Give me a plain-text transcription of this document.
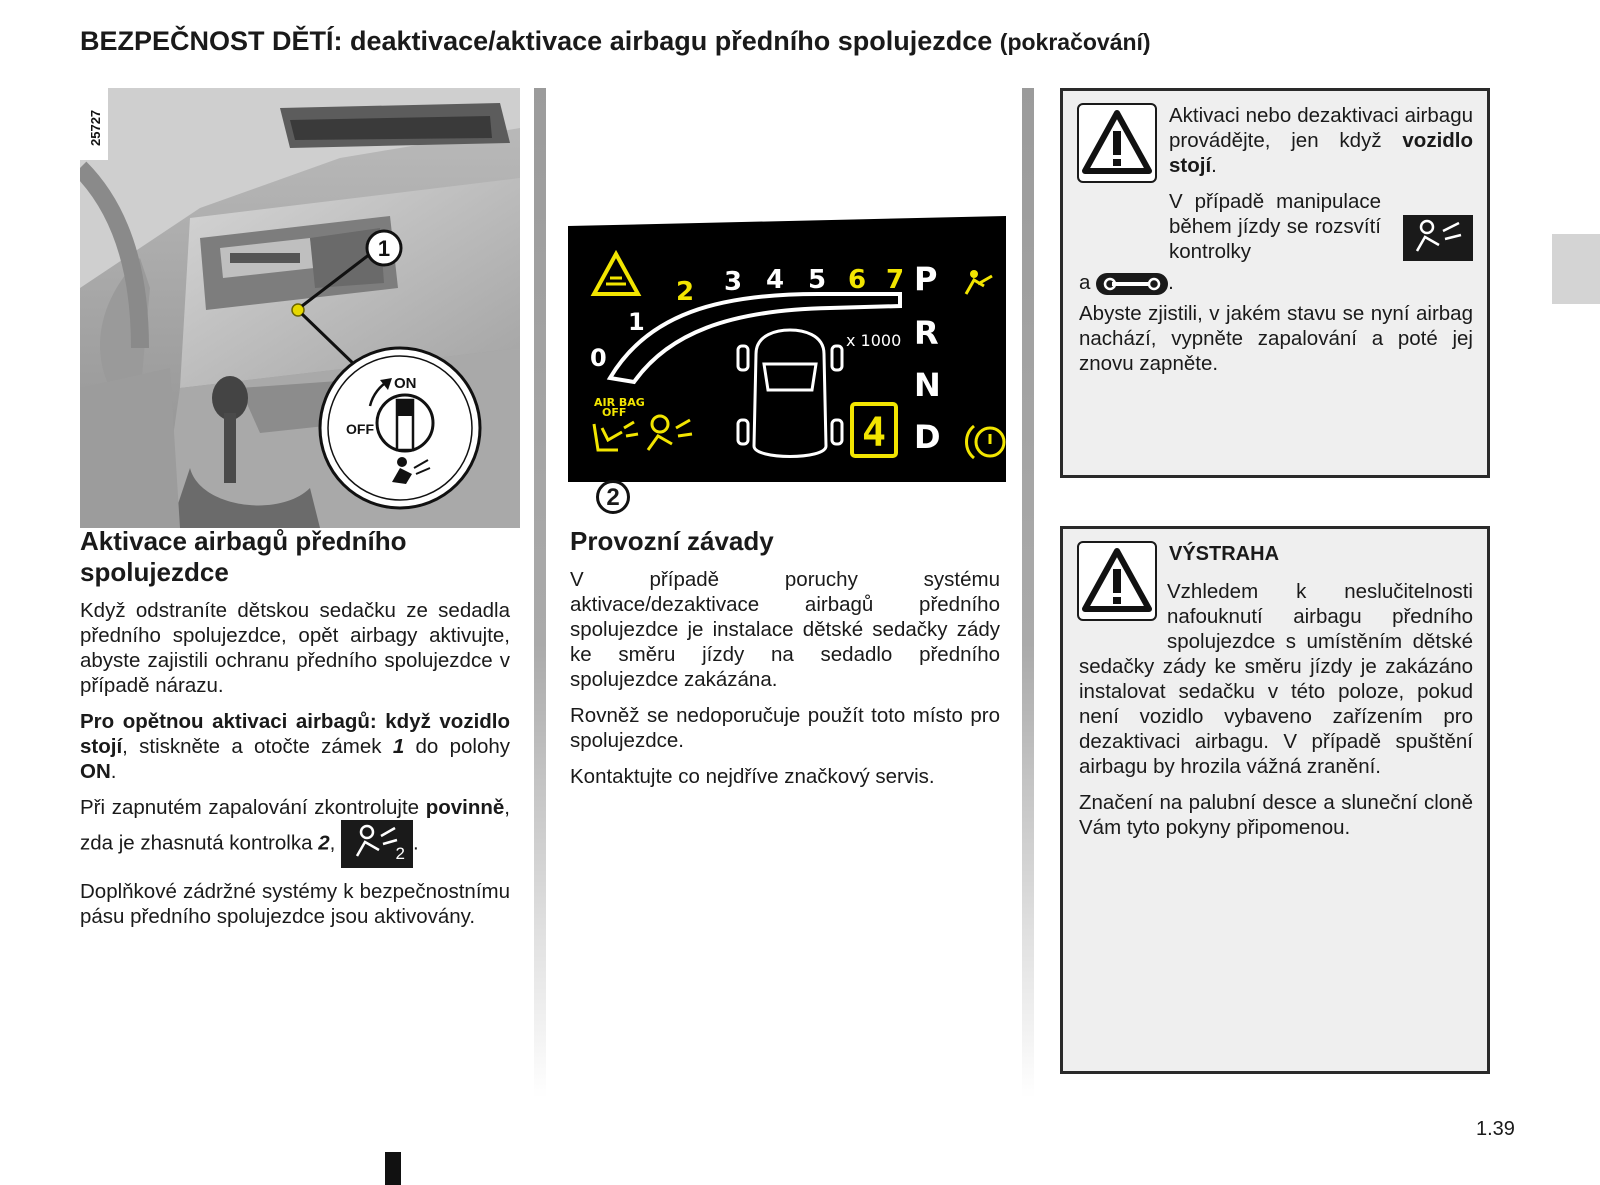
BEZPEČNOST DĚTÍ: deaktivace/aktivace airbagu předního spolujezdce (pokračování)
ON
OFF
1
25727
0
1
2 3 4 5 6 7
x 1000
P
R
N
D
4
AIR BAG
OFF
2
Aktivace airbagů předního spolujezdce

Když odstraníte dětskou sedačku ze sedadla předního spolujezdce, opět airbagy aktivujte, abyste zajistili ochranu předního spolujezdce v případě nárazu.

Pro opětnou aktivaci airbagů: když vozidlo stojí, stiskněte a otočte zámek 1 do polohy ON.

Při zapnutém zapalování zkontrolujte povinně, zda je zhasnutá kontrolka 2,	2 .

Doplňkové zádržné systémy k bezpečnostnímu pásu předního spolujezdce jsou aktivovány.

Provozní závady

V případě poruchy systému aktivace/dezaktivace airbagů předního spolujezdce je instalace dětské sedačky zády ke směru jízdy na sedadlo předního spolujezdce zakázána.

Rovněž se nedoporučuje použít toto místo pro spolujezdce.

Kontaktujte co nejdříve značkový servis.

Aktivaci nebo dezaktivaci airbagu provádějte, jen když vozidlo stojí.

V případě manipulace během jízdy se rozsvítí kontrolky
a	.

Abyste zjistili, v jakém stavu se nyní airbag nachází, vypněte zapalování a poté jej znovu zapněte.

VÝSTRAHA

Vzhledem k neslučitelnosti nafouknutí airbagu předního spolujezdce s umístěním dětské sedačky zády ke směru jízdy je zakázáno instalovat sedačku v této poloze, pokud není vozidlo vybaveno zařízením pro dezaktivaci airbagu. V případě spuštění airbagu by hrozila vážná zranění.

Značení na palubní desce a sluneční cloně Vám tyto pokyny připomenou.

1.39
